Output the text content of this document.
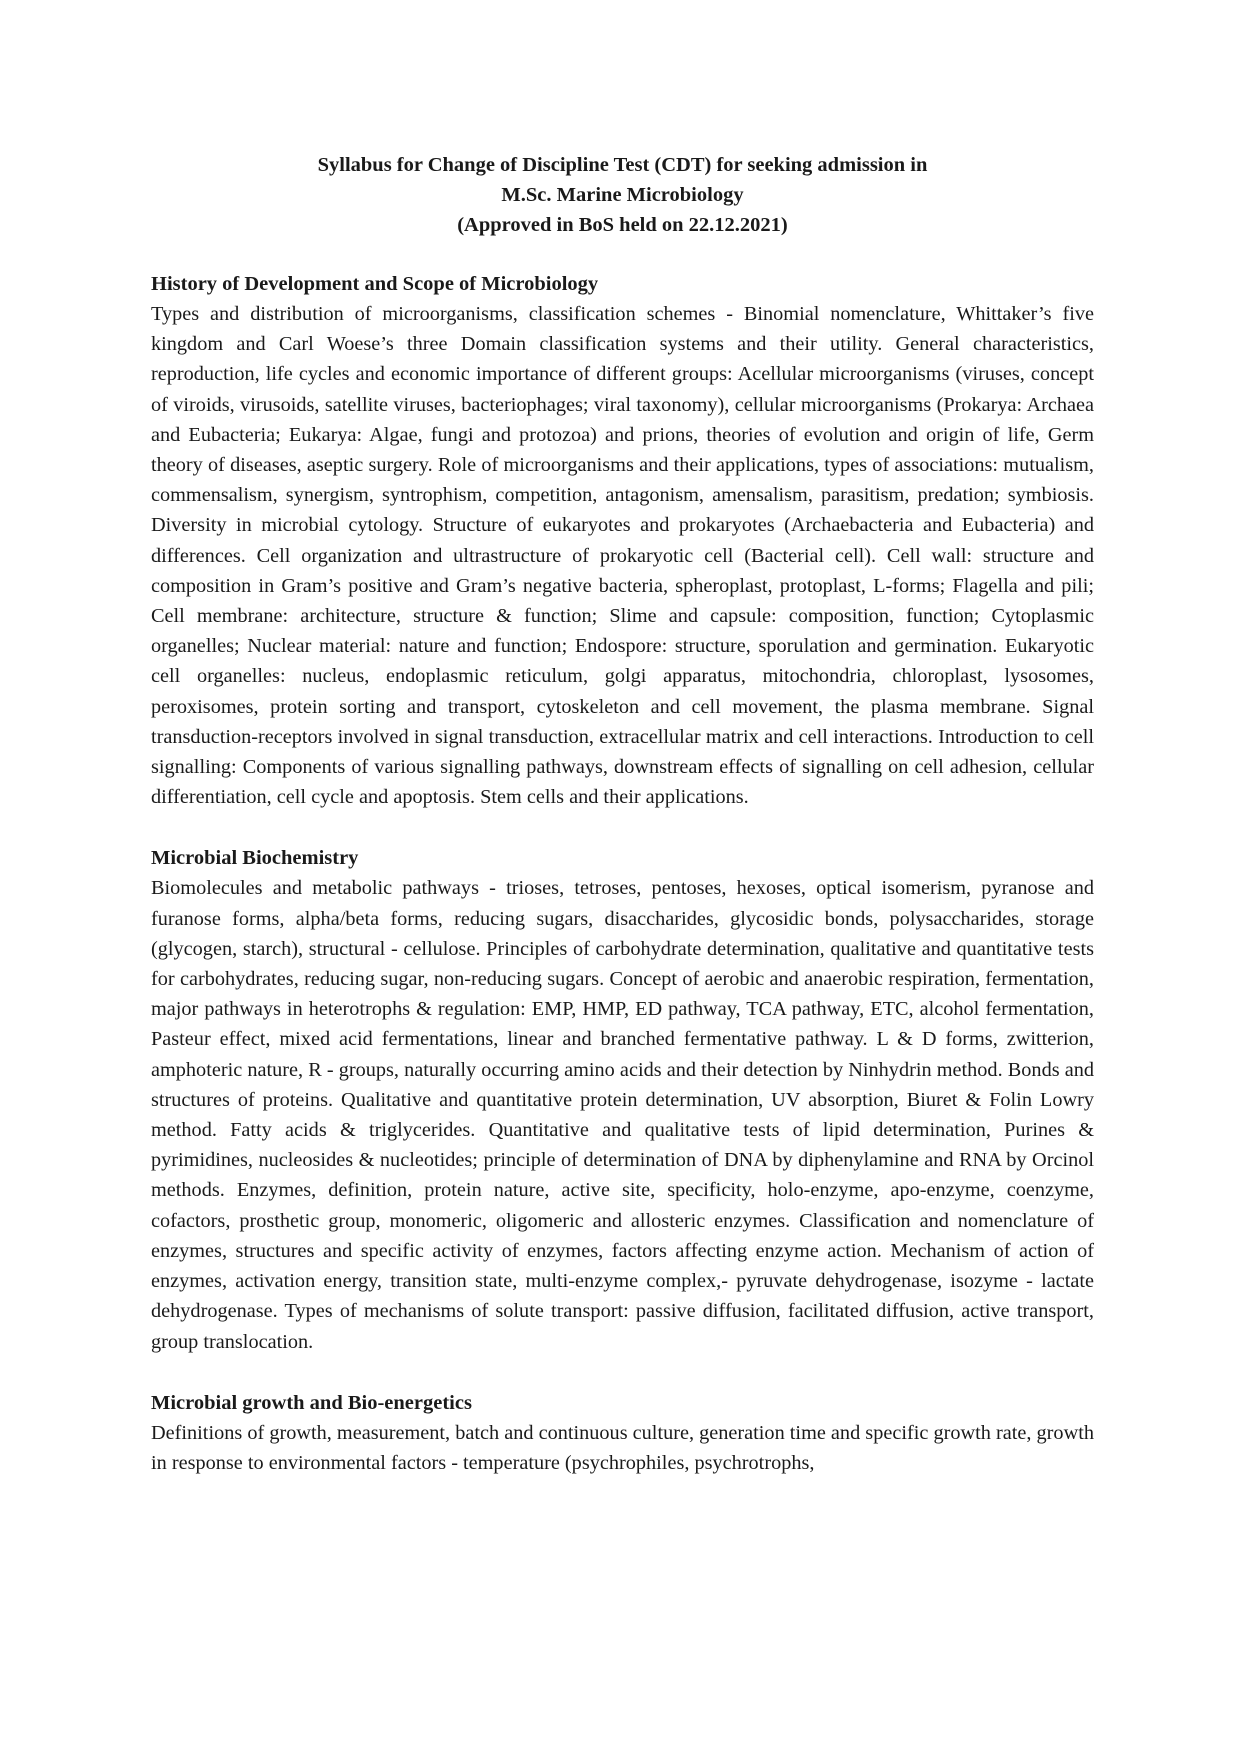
Syllabus for Change of Discipline Test (CDT) for seeking admission in
M.Sc. Marine Microbiology
(Approved in BoS held on 22.12.2021)
History of Development and Scope of Microbiology

Types and distribution of microorganisms, classification schemes - Binomial nomenclature, Whittaker’s five kingdom and Carl Woese’s three Domain classification systems and their utility. General characteristics, reproduction, life cycles and economic importance of different groups: Acellular microorganisms (viruses, concept of viroids, virusoids, satellite viruses, bacteriophages; viral taxonomy), cellular microorganisms (Prokarya: Archaea and Eubacteria; Eukarya: Algae, fungi and protozoa) and prions, theories of evolution and origin of life, Germ theory of diseases, aseptic surgery. Role of microorganisms and their applications, types of associations: mutualism, commensalism, synergism, syntrophism, competition, antagonism, amensalism, parasitism, predation; symbiosis. Diversity in microbial cytology. Structure of eukaryotes and prokaryotes (Archaebacteria and Eubacteria) and differences. Cell organization and ultrastructure of prokaryotic cell (Bacterial cell). Cell wall: structure and composition in Gram’s positive and Gram’s negative bacteria, spheroplast, protoplast, L-forms; Flagella and pili; Cell membrane: architecture, structure & function; Slime and capsule: composition, function; Cytoplasmic organelles; Nuclear material: nature and function; Endospore: structure, sporulation and germination. Eukaryotic cell organelles: nucleus, endoplasmic reticulum, golgi apparatus, mitochondria, chloroplast, lysosomes, peroxisomes, protein sorting and transport, cytoskeleton and cell movement, the plasma membrane. Signal transduction-receptors involved in signal transduction, extracellular matrix and cell interactions. Introduction to cell signalling: Components of various signalling pathways, downstream effects of signalling on cell adhesion, cellular differentiation, cell cycle and apoptosis. Stem cells and their applications.

Microbial Biochemistry

Biomolecules and metabolic pathways - trioses, tetroses, pentoses, hexoses, optical isomerism, pyranose and furanose forms, alpha/beta forms, reducing sugars, disaccharides, glycosidic bonds, polysaccharides, storage (glycogen, starch), structural - cellulose. Principles of carbohydrate determination, qualitative and quantitative tests for carbohydrates, reducing sugar, non-reducing sugars. Concept of aerobic and anaerobic respiration, fermentation, major pathways in heterotrophs & regulation: EMP, HMP, ED pathway, TCA pathway, ETC, alcohol fermentation, Pasteur effect, mixed acid fermentations, linear and branched fermentative pathway. L & D forms, zwitterion, amphoteric nature, R - groups, naturally occurring amino acids and their detection by Ninhydrin method. Bonds and structures of proteins. Qualitative and quantitative protein determination, UV absorption, Biuret & Folin Lowry method. Fatty acids & triglycerides. Quantitative and qualitative tests of lipid determination, Purines & pyrimidines, nucleosides & nucleotides; principle of determination of DNA by diphenylamine and RNA by Orcinol methods. Enzymes, definition, protein nature, active site, specificity, holo-enzyme, apo-enzyme, coenzyme, cofactors, prosthetic group, monomeric, oligomeric and allosteric enzymes. Classification and nomenclature of enzymes, structures and specific activity of enzymes, factors affecting enzyme action. Mechanism of action of enzymes, activation energy, transition state, multi-enzyme complex,- pyruvate dehydrogenase, isozyme - lactate dehydrogenase. Types of mechanisms of solute transport: passive diffusion, facilitated diffusion, active transport, group translocation.

Microbial growth and Bio-energetics

Definitions of growth, measurement, batch and continuous culture, generation time and specific growth rate, growth in response to environmental factors - temperature (psychrophiles, psychrotrophs,
